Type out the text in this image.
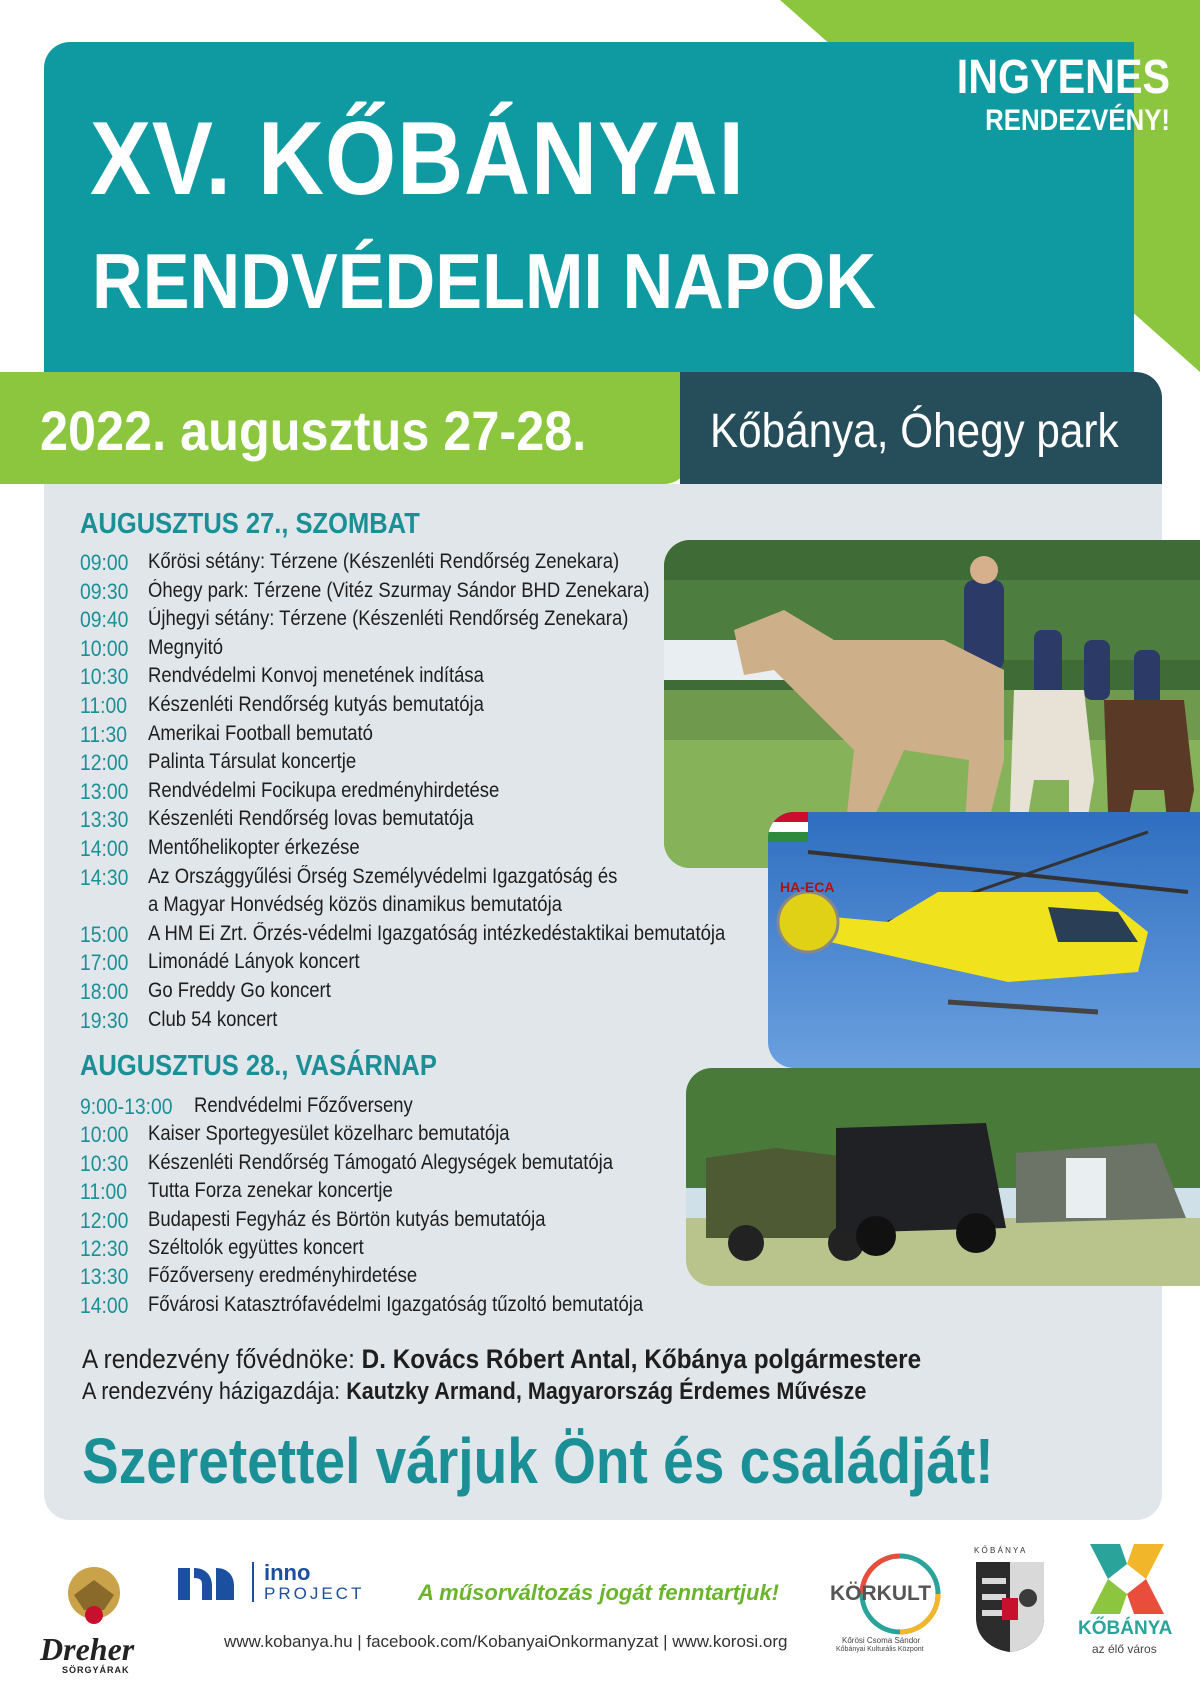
XV. KŐBÁNYAI
RENDVÉDELMI NAPOK
INGYENES
RENDEZVÉNY!
2022. augusztus 27-28.	Kőbánya, Óhegy park
AUGUSZTUS 27., SZOMBAT
09:00 Kőrösi sétány: Térzene (Készenléti Rendőrség Zenekara)
09:30 Óhegy park: Térzene (Vitéz Szurmay Sándor BHD Zenekara)
09:40 Újhegyi sétány: Térzene (Készenléti Rendőrség Zenekara)
10:00 Megnyitó
10:30 Rendvédelmi Konvoj menetének indítása
11:00 Készenléti Rendőrség kutyás bemutatója
11:30 Amerikai Football bemutató
12:00 Palinta Társulat koncertje
13:00 Rendvédelmi Focikupa eredményhirdetése
13:30 Készenléti Rendőrség lovas bemutatója
14:00 Mentőhelikopter érkezése
14:30 Az Országgyűlési Őrség Személyvédelmi Igazgatóság és
a Magyar Honvédség közös dinamikus bemutatója
15:00 A HM Ei Zrt. Őrzés-védelmi Igazgatóság intézkedéstaktikai bemutatója
17:00 Limonádé Lányok koncert
18:00 Go Freddy Go koncert
19:30 Club 54 koncert
AUGUSZTUS 28., VASÁRNAP
9:00-13:00 Rendvédelmi Főzőverseny
10:00 Kaiser Sportegyesület közelharc bemutatója
10:30 Készenléti Rendőrség Támogató Alegységek bemutatója
11:00 Tutta Forza zenekar koncertje
12:00 Budapesti Fegyház és Börtön kutyás bemutatója
12:30 Széltolók együttes koncert
13:30 Főzőverseny eredményhirdetése
14:00 Fővárosi Katasztrófavédelmi Igazgatóság tűzoltó bemutatója
HA-ECA
A rendezvény fővédnöke: D. Kovács Róbert Antal, Kőbánya polgármestere
A rendezvény házigazdája: Kautzky Armand, Magyarország Érdemes Művésze
Szeretettel várjuk Önt és családját!
Dreher
SÖRGYÁRAK
inno
PROJECT A műsorváltozás jogát fenntartjuk!
www.kobanya.hu | facebook.com/KobanyaiOnkormanyzat | www.korosi.org
KÖRKULT
Kőrösi Csoma Sándor
Kőbányai Kulturális Központ
K Ő B Á N Y A
KŐBÁNYA
az élő város
